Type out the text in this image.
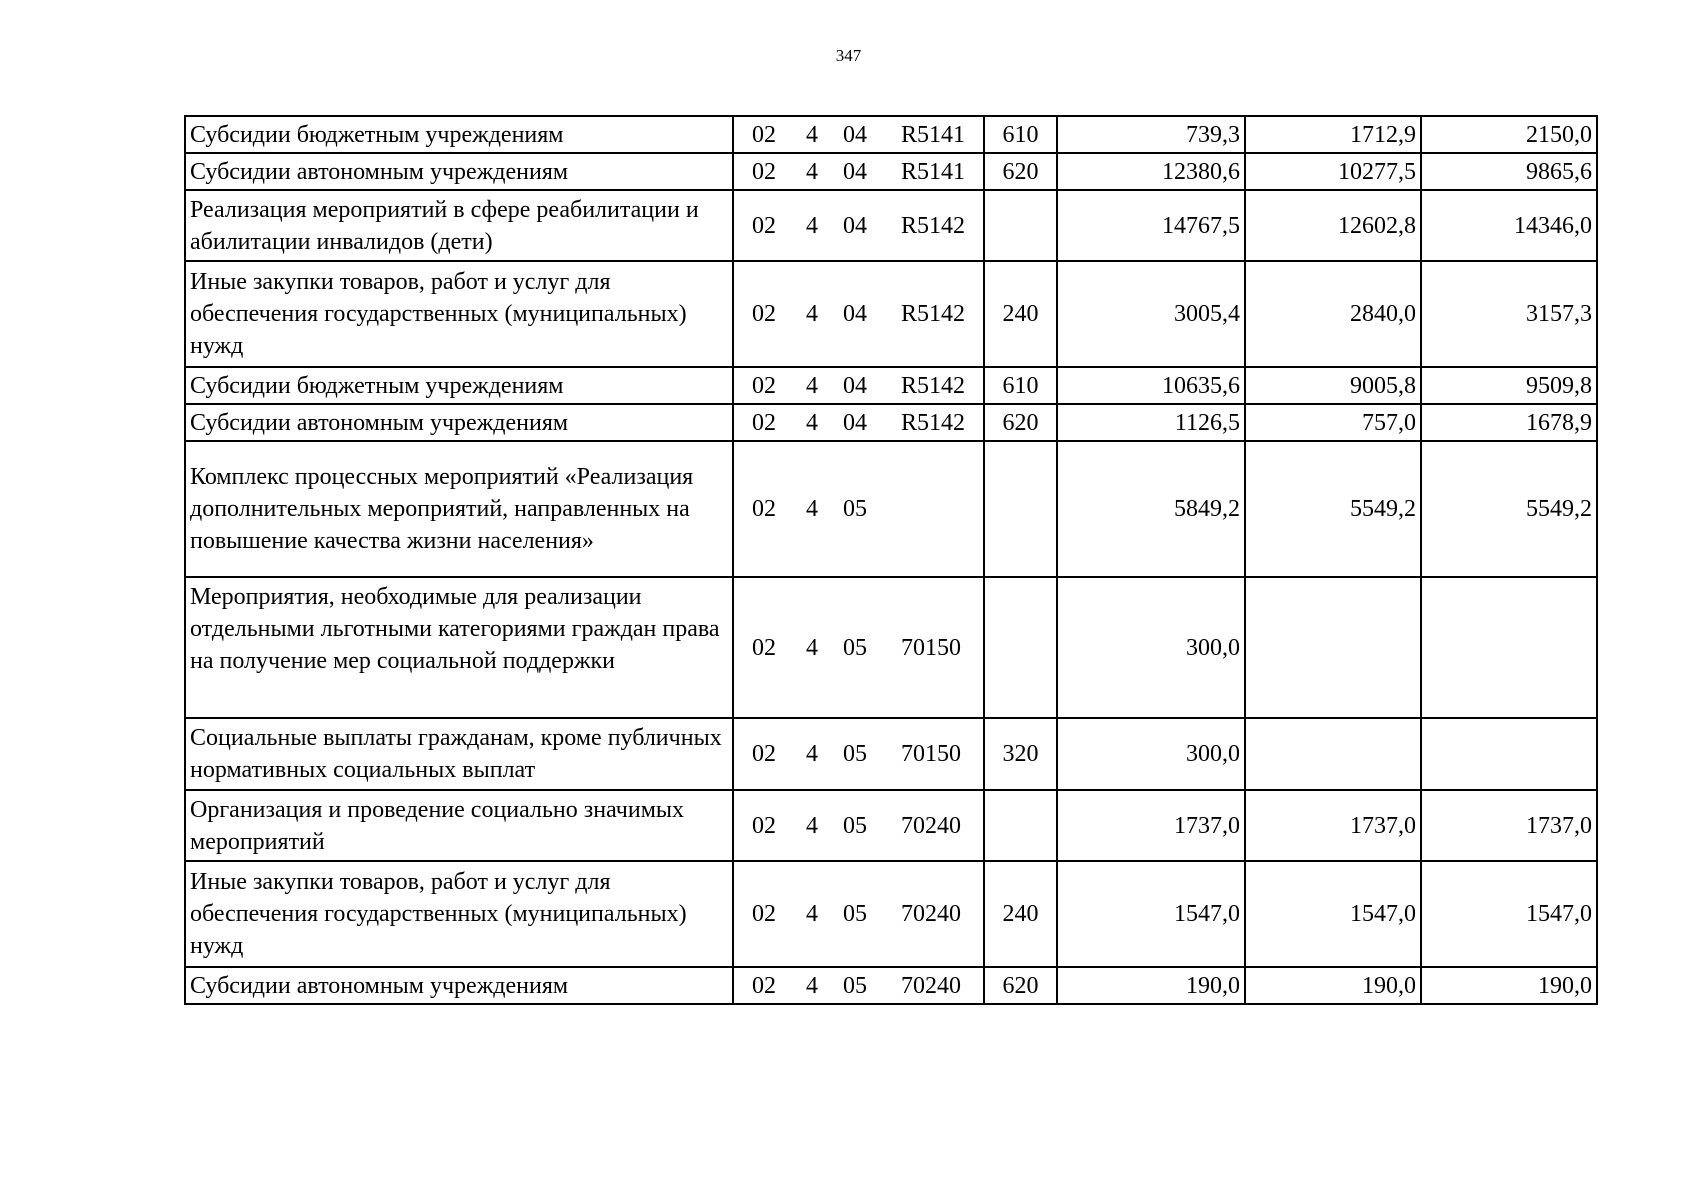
347
Субсидии бюджетным учреждениям	02 4 04 R5141	610	739,3	1712,9	2150,0
Субсидии автономным учреждениям	02 4 04 R5141	620	12380,6	10277,5	9865,6
Реализация мероприятий в сфере реабилитации и абилитации инвалидов (дети)	02 4 04 R5142		14767,5	12602,8	14346,0
Иные закупки товаров, работ и услуг для обеспечения государственных (муниципальных) нужд	02 4 04 R5142	240	3005,4	2840,0	3157,3
Субсидии бюджетным учреждениям	02 4 04 R5142	610	10635,6	9005,8	9509,8
Субсидии автономным учреждениям	02 4 04 R5142	620	1126,5	757,0	1678,9
Комплекс процессных мероприятий «Реализация дополнительных мероприятий, направленных на повышение качества жизни населения»	02 4 05		5849,2	5549,2	5549,2
Мероприятия, необходимые для реализации отдельными льготными категориями граждан права на получение мер социальной поддержки	02 4 05 70150		300,0		
Социальные выплаты гражданам, кроме публичных нормативных социальных выплат	02 4 05 70150	320	300,0		
Организация и проведение социально значимых мероприятий	02 4 05 70240		1737,0	1737,0	1737,0
Иные закупки товаров, работ и услуг для обеспечения государственных (муниципальных) нужд	02 4 05 70240	240	1547,0	1547,0	1547,0
Субсидии автономным учреждениям	02 4 05 70240	620	190,0	190,0	190,0
